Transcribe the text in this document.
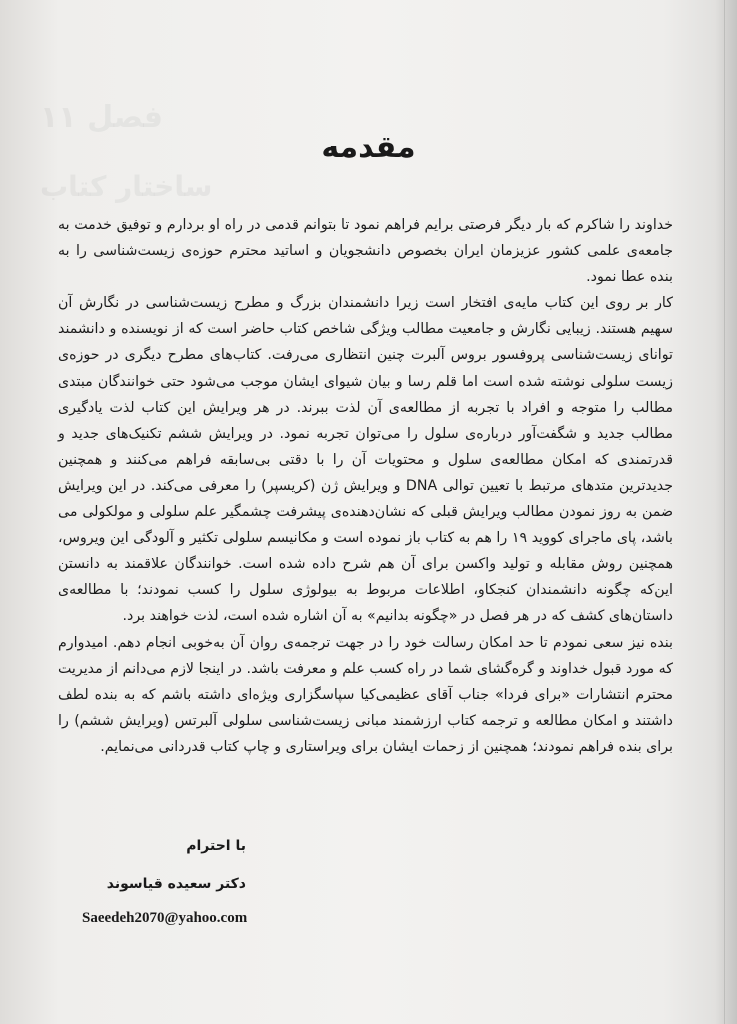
فصل ۱۱
ساختار کتاب
مقدمه

خداوند را شاکرم که بار دیگر فرصتی برایم فراهم نمود تا بتوانم قدمی در راه او بردارم و توفیق خدمت به جامعه‌ی علمی کشور عزیزمان ایران بخصوص دانشجویان و اساتید محترم حوزه‌ی زیست‌شناسی را به بنده عطا نمود.

کار بر روی این کتاب مایه‌ی افتخار است زیرا دانشمندان بزرگ و مطرح زیست‌شناسی در نگارش آن سهیم هستند. زیبایی نگارش و جامعیت مطالب ویژگی شاخص کتاب حاضر است که از نویسنده و دانشمند توانای زیست‌شناسی پروفسور بروس آلبرت چنین انتظاری می‌رفت. کتاب‌های مطرح دیگری در حوزه‌ی زیست سلولی نوشته شده است اما قلم رسا و بیان شیوای ایشان موجب می‌شود حتی خوانندگان مبتدی مطالب را متوجه و افراد با تجربه از مطالعه‌ی آن لذت ببرند. در هر ویرایش این کتاب لذت یادگیری مطالب جدید و شگفت‌آور درباره‌ی سلول را می‌توان تجربه نمود. در ویرایش ششم تکنیک‌های جدید و قدرتمندی که امکان مطالعه‌ی سلول و محتویات آن را با دقتی بی‌سابقه فراهم می‌کنند و همچنین جدیدترین متدهای مرتبط با تعیین توالی DNA و ویرایش ژن (کریسپر) را معرفی می‌کند. در این ویرایش ضمن به روز نمودن مطالب ویرایش قبلی که نشان‌دهنده‌ی پیشرفت چشمگیر علم سلولی و مولکولی می باشد، پای ماجرای کووید ۱۹ را هم به کتاب باز نموده است و مکانیسم سلولی تکثیر و آلودگی این ویروس، همچنین روش مقابله و تولید واکسن برای آن هم شرح داده شده است. خوانندگان علاقمند به دانستن این‌که چگونه دانشمندان کنجکاو، اطلاعات مربوط به بیولوژی سلول را کسب نمودند؛ با مطالعه‌ی داستان‌های کشف که در هر فصل در «چگونه بدانیم» به آن اشاره شده است، لذت خواهند برد.

بنده نیز سعی نمودم تا حد امکان رسالت خود را در جهت ترجمه‌ی روان آن به‌خوبی انجام دهم. امیدوارم که مورد قبول خداوند و گره‌گشای شما در راه کسب علم و معرفت باشد. در اینجا لازم می‌دانم از مدیریت محترم انتشارات «برای فردا» جناب آقای عظیمی‌کیا سپاسگزاری ویژه‌ای داشته باشم که به بنده لطف داشتند و امکان مطالعه و ترجمه کتاب ارزشمند مبانی زیست‌شناسی سلولی آلبرتس (ویرایش ششم) را برای بنده فراهم نمودند؛ همچنین از زحمات ایشان برای ویراستاری و چاپ کتاب قدردانی می‌نمایم.

با احترام
دکتر سعیده قیاسوند
Saeedeh2070@yahoo.com
